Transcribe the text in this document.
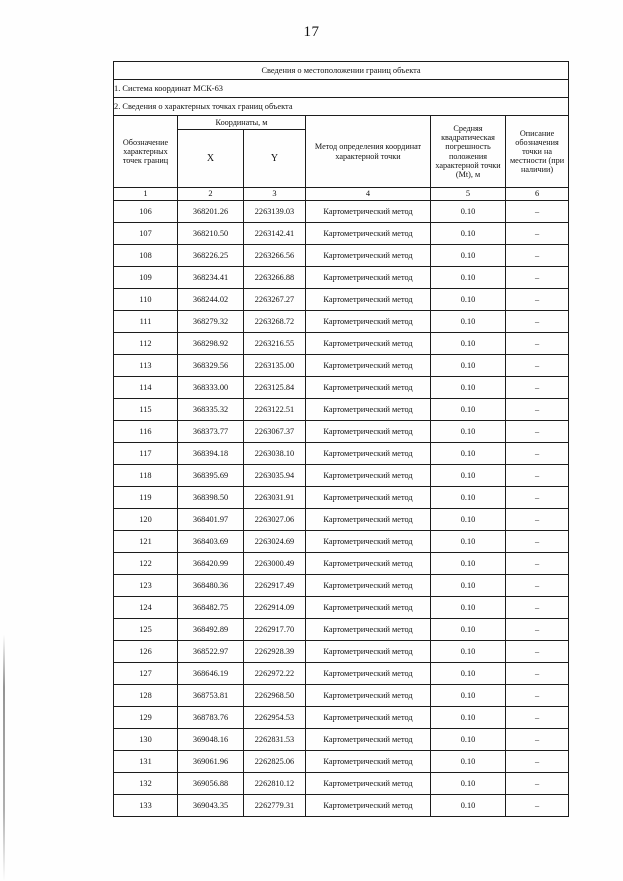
17
Сведения о местоположении границ объекта					
1. Система координат МСК-63					
2. Сведения о характерных точках границ объекта					
Обозначение характерных точек границ	Координаты, м		Метод определения координат характерной точки	Средняя квадратическая погрешность положения характерной точки (Mt), м	Описание обозначения точки на местности (при наличии)
	X	Y			
1	2	3	4	5	6
106	368201.26	2263139.03	Картометрический метод	0.10	–
107	368210.50	2263142.41	Картометрический метод	0.10	–
108	368226.25	2263266.56	Картометрический метод	0.10	–
109	368234.41	2263266.88	Картометрический метод	0.10	–
110	368244.02	2263267.27	Картометрический метод	0.10	–
111	368279.32	2263268.72	Картометрический метод	0.10	–
112	368298.92	2263216.55	Картометрический метод	0.10	–
113	368329.56	2263135.00	Картометрический метод	0.10	–
114	368333.00	2263125.84	Картометрический метод	0.10	–
115	368335.32	2263122.51	Картометрический метод	0.10	–
116	368373.77	2263067.37	Картометрический метод	0.10	–
117	368394.18	2263038.10	Картометрический метод	0.10	–
118	368395.69	2263035.94	Картометрический метод	0.10	–
119	368398.50	2263031.91	Картометрический метод	0.10	–
120	368401.97	2263027.06	Картометрический метод	0.10	–
121	368403.69	2263024.69	Картометрический метод	0.10	–
122	368420.99	2263000.49	Картометрический метод	0.10	–
123	368480.36	2262917.49	Картометрический метод	0.10	–
124	368482.75	2262914.09	Картометрический метод	0.10	–
125	368492.89	2262917.70	Картометрический метод	0.10	–
126	368522.97	2262928.39	Картометрический метод	0.10	–
127	368646.19	2262972.22	Картометрический метод	0.10	–
128	368753.81	2262968.50	Картометрический метод	0.10	–
129	368783.76	2262954.53	Картометрический метод	0.10	–
130	369048.16	2262831.53	Картометрический метод	0.10	–
131	369061.96	2262825.06	Картометрический метод	0.10	–
132	369056.88	2262810.12	Картометрический метод	0.10	–
133	369043.35	2262779.31	Картометрический метод	0.10	–
